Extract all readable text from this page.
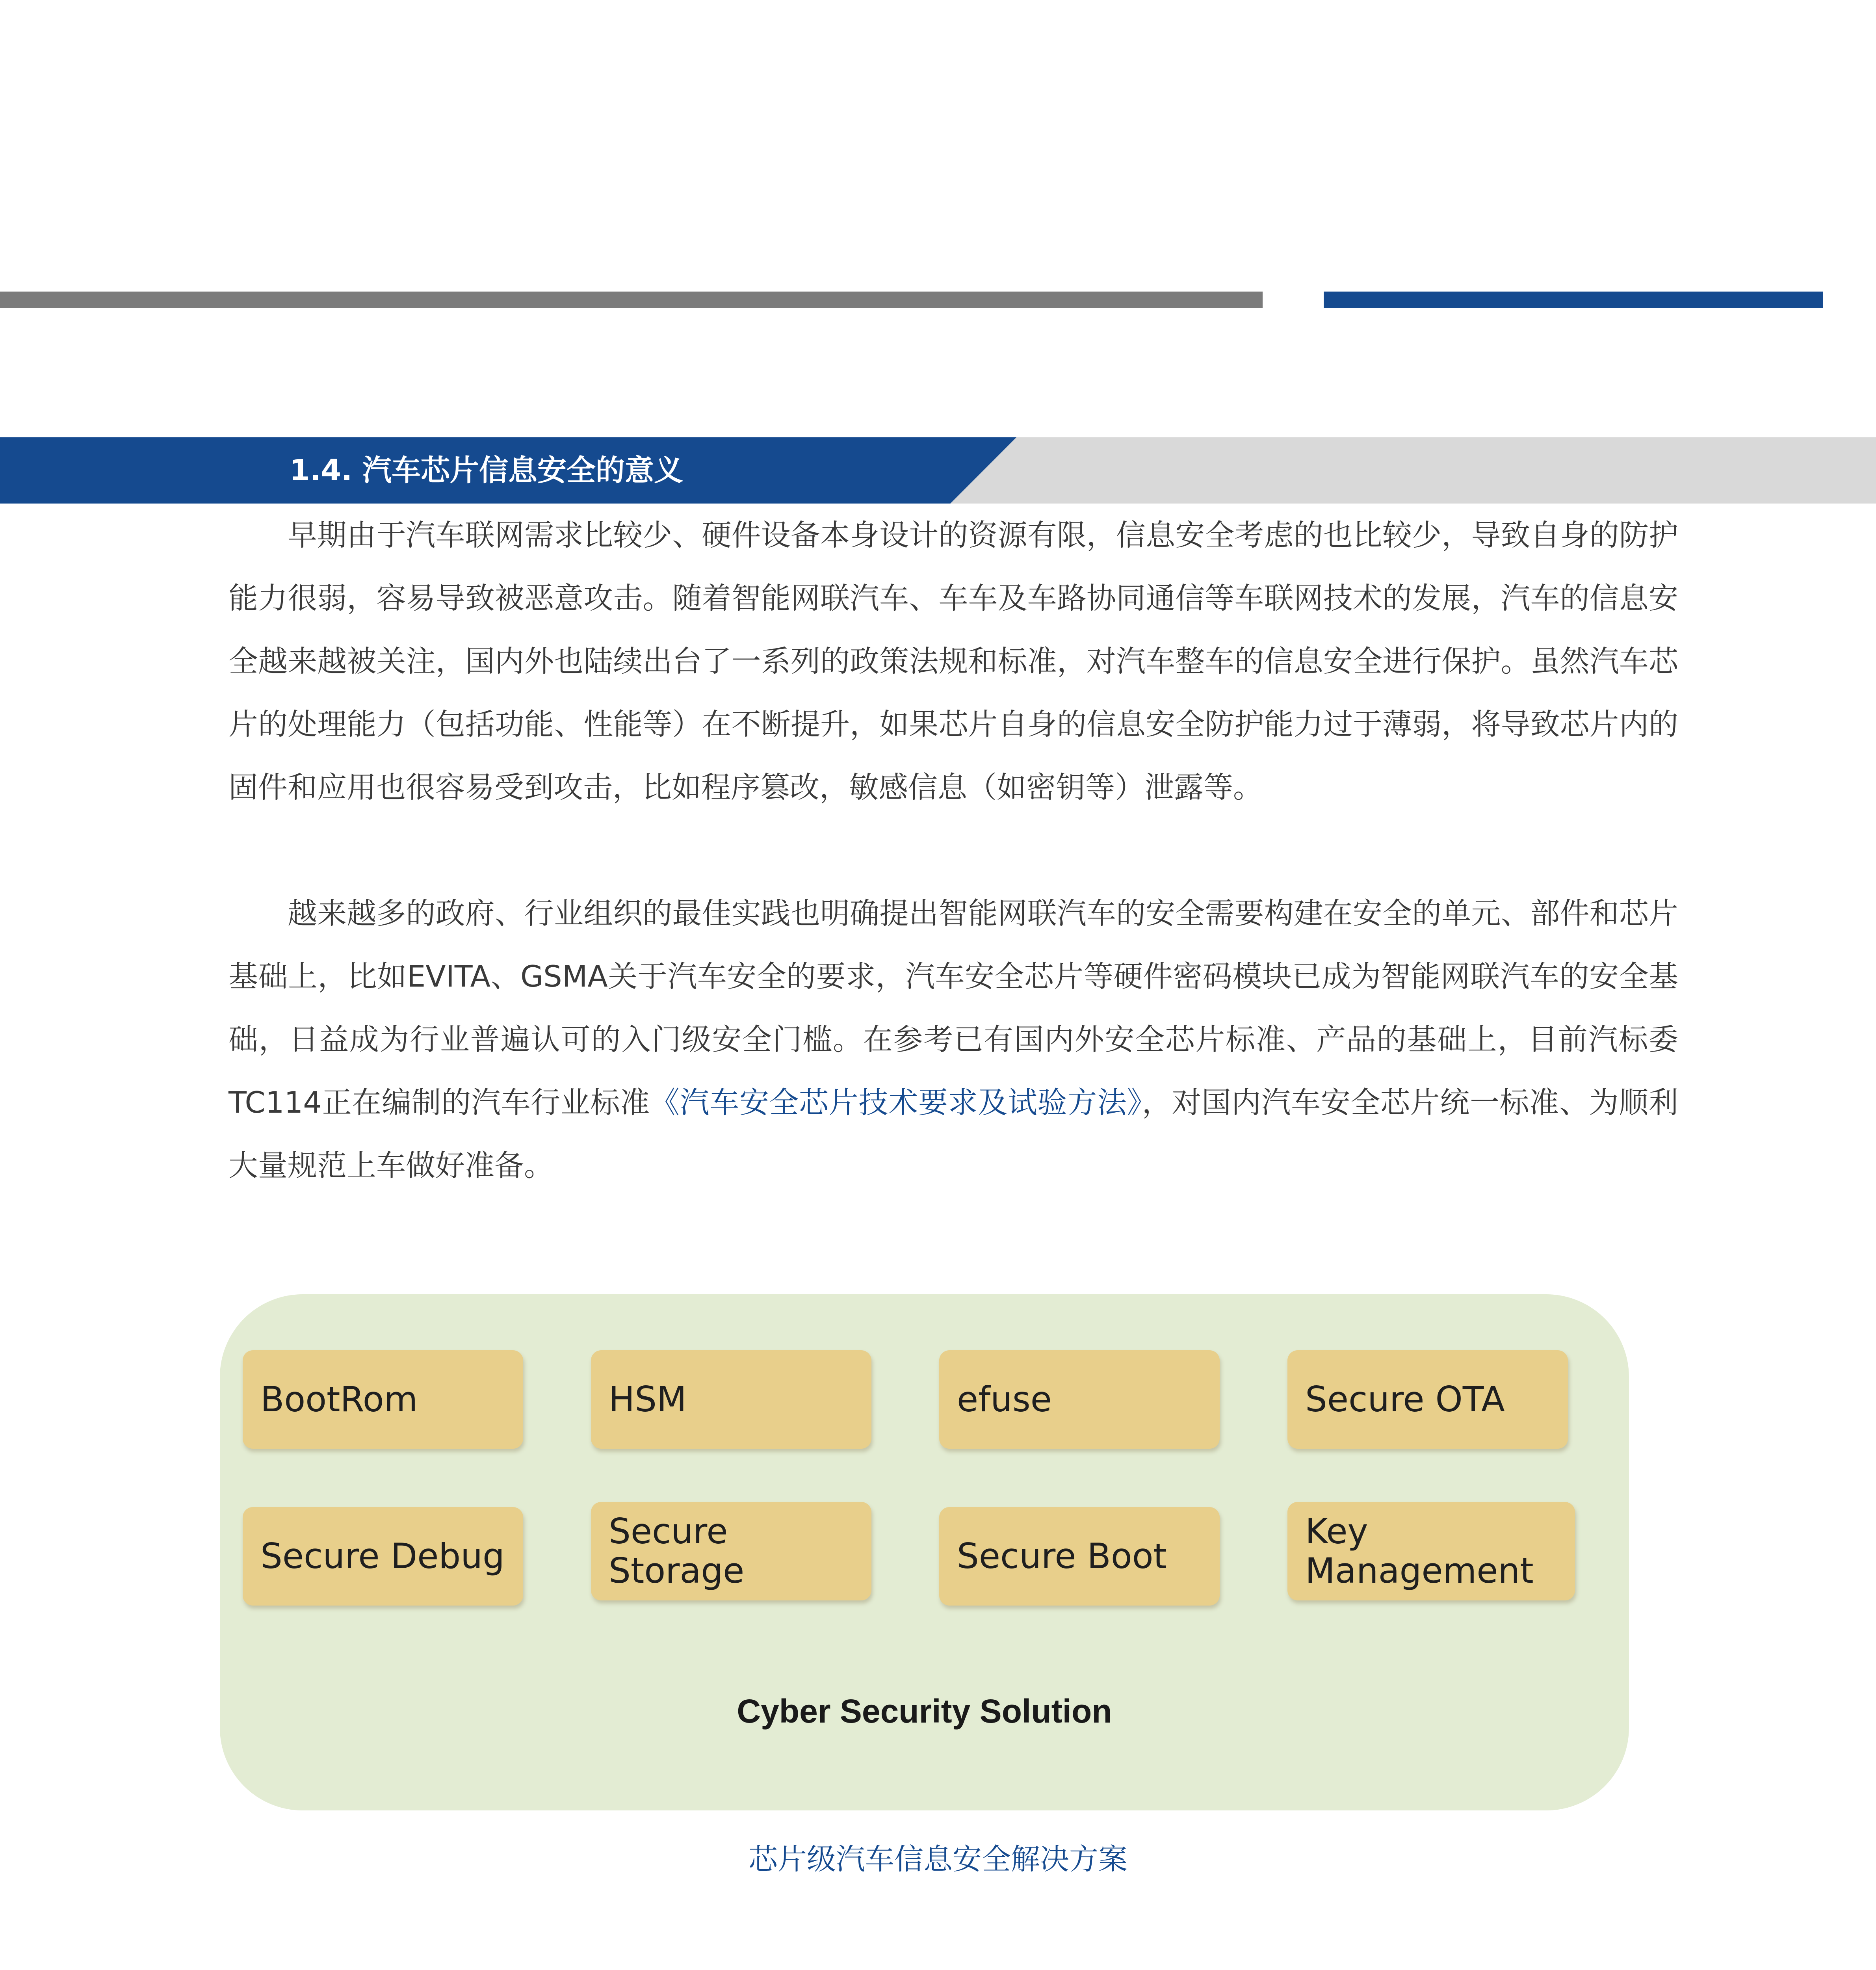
1.4. 汽车芯片信息安全的意义

早期由于汽车联网需求比较少、硬件设备本身设计的资源有限，信息安全考虑的也比较少，导致自身的防护能力很弱，容易导致被恶意攻击。随着智能网联汽车、车车及车路协同通信等车联网技术的发展，汽车的信息安全越来越被关注，国内外也陆续出台了一系列的政策法规和标准，对汽车整车的信息安全进行保护。虽然汽车芯片的处理能力（包括功能、性能等）在不断提升，如果芯片自身的信息安全防护能力过于薄弱，将导致芯片内的固件和应用也很容易受到攻击，比如程序篡改，敏感信息（如密钥等）泄露等。

越来越多的政府、行业组织的最佳实践也明确提出智能网联汽车的安全需要构建在安全的单元、部件和芯片基础上，比如EVITA、GSMA关于汽车安全的要求，汽车安全芯片等硬件密码模块已成为智能网联汽车的安全基础，日益成为行业普遍认可的入门级安全门槛。在参考已有国内外安全芯片标准、产品的基础上，目前汽标委TC114正在编制的汽车行业标准《汽车安全芯片技术要求及试验方法》，对国内汽车安全芯片统一标准、为顺利大量规范上车做好准备。

BootRom	HSM	efuse	Secure OTA
Secure Debug
Secure Storage	Secure Boot
Key Management
Cyber Security Solution

芯片级汽车信息安全解决方案
